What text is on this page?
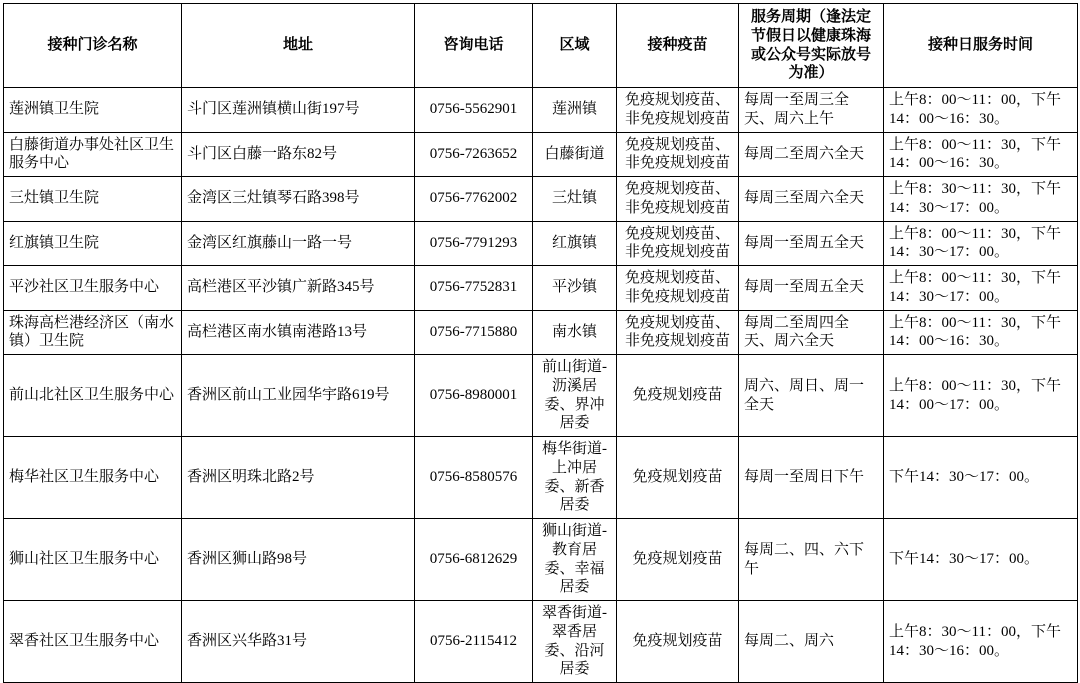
接种门诊名称	地址	咨询电话	区域	接种疫苗	服务周期（逢法定节假日以健康珠海或公众号实际放号为准）	接种日服务时间
莲洲镇卫生院	斗门区莲洲镇横山街197号	0756-5562901	莲洲镇	免疫规划疫苗、非免疫规划疫苗	每周一至周三全天、周六上午	上午8：00～11：00，下午14：00～16：30。
白藤街道办事处社区卫生服务中心	斗门区白藤一路东82号	0756-7263652	白藤街道	免疫规划疫苗、非免疫规划疫苗	每周二至周六全天	上午8：00～11：30，下午14：00～16：30。
三灶镇卫生院	金湾区三灶镇琴石路398号	0756-7762002	三灶镇	免疫规划疫苗、非免疫规划疫苗	每周三至周六全天	上午8：30～11：30，下午14：30～17：00。
红旗镇卫生院	金湾区红旗藤山一路一号	0756-7791293	红旗镇	免疫规划疫苗、非免疫规划疫苗	每周一至周五全天	上午8：00～11：30，下午14：30～17：00。
平沙社区卫生服务中心	高栏港区平沙镇广新路345号	0756-7752831	平沙镇	免疫规划疫苗、非免疫规划疫苗	每周一至周五全天	上午8：00～11：30，下午14：30～17：00。
珠海高栏港经济区（南水镇）卫生院	高栏港区南水镇南港路13号	0756-7715880	南水镇	免疫规划疫苗、非免疫规划疫苗	每周二至周四全天、周六全天	上午8：00～11：30，下午14：00～16：30。
前山北社区卫生服务中心	香洲区前山工业园华宇路619号	0756-8980001	前山街道-沥溪居委、界冲居委	免疫规划疫苗	周六、周日、周一全天	上午8：00～11：30，下午14：00～17：00。
梅华社区卫生服务中心	香洲区明珠北路2号	0756-8580576	梅华街道-上冲居委、新香居委	免疫规划疫苗	每周一至周日下午	下午14：30～17：00。
狮山社区卫生服务中心	香洲区狮山路98号	0756-6812629	狮山街道-教育居委、幸福居委	免疫规划疫苗	每周二、四、六下午	下午14：30～17：00。
翠香社区卫生服务中心	香洲区兴华路31号	0756-2115412	翠香街道-翠香居委、沿河居委	免疫规划疫苗	每周二、周六	上午8：30～11：00，下午14：30～16：00。
